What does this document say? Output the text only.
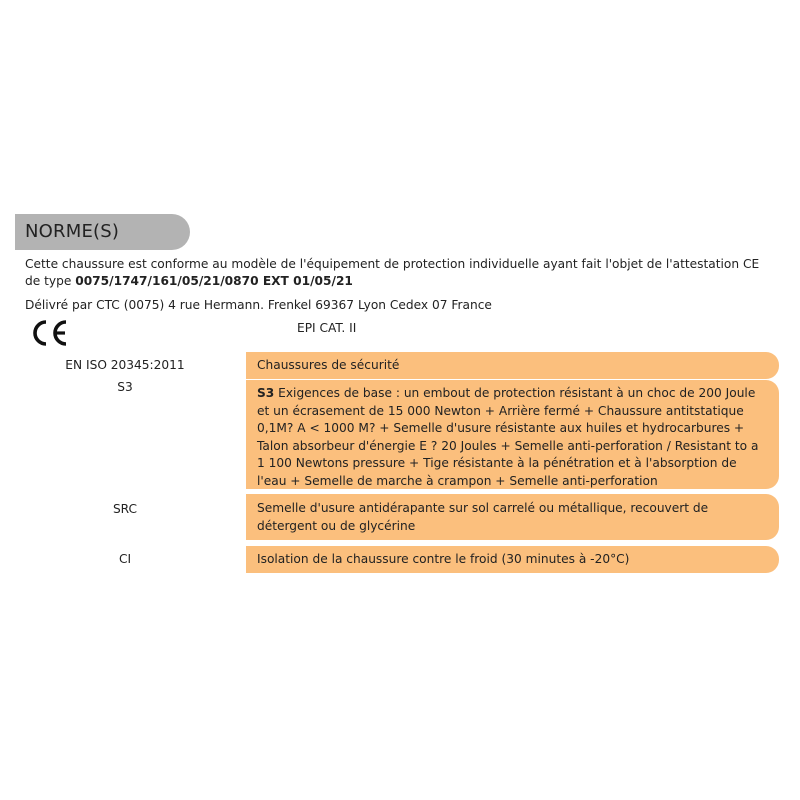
NORME(S)
Cette chaussure est conforme au modèle de l'équipement de protection individuelle ayant fait l'objet de l'attestation CE de type 0075/1747/161/05/21/0870 EXT 01/05/21
Délivré par CTC (0075) 4 rue Hermann. Frenkel 69367 Lyon Cedex 07 France
EPI CAT. II
EN ISO 20345:2011	Chaussures de sécurité
S3	S3 Exigences de base : un embout de protection résistant à un choc de 200 Joule et un écrasement de 15 000 Newton + Arrière fermé + Chaussure antitstatique 0,1M? A < 1000 M? + Semelle d'usure résistante aux huiles et hydrocarbures + Talon absorbeur d'énergie E ? 20 Joules + Semelle anti-perforation / Resistant to a 1 100 Newtons pressure + Tige résistante à la pénétration et à l'absorption de l'eau + Semelle de marche à crampon + Semelle anti-perforation
SRC	Semelle d'usure antidérapante sur sol carrelé ou métallique, recouvert de détergent ou de glycérine
CI	Isolation de la chaussure contre le froid (30 minutes à -20°C)
